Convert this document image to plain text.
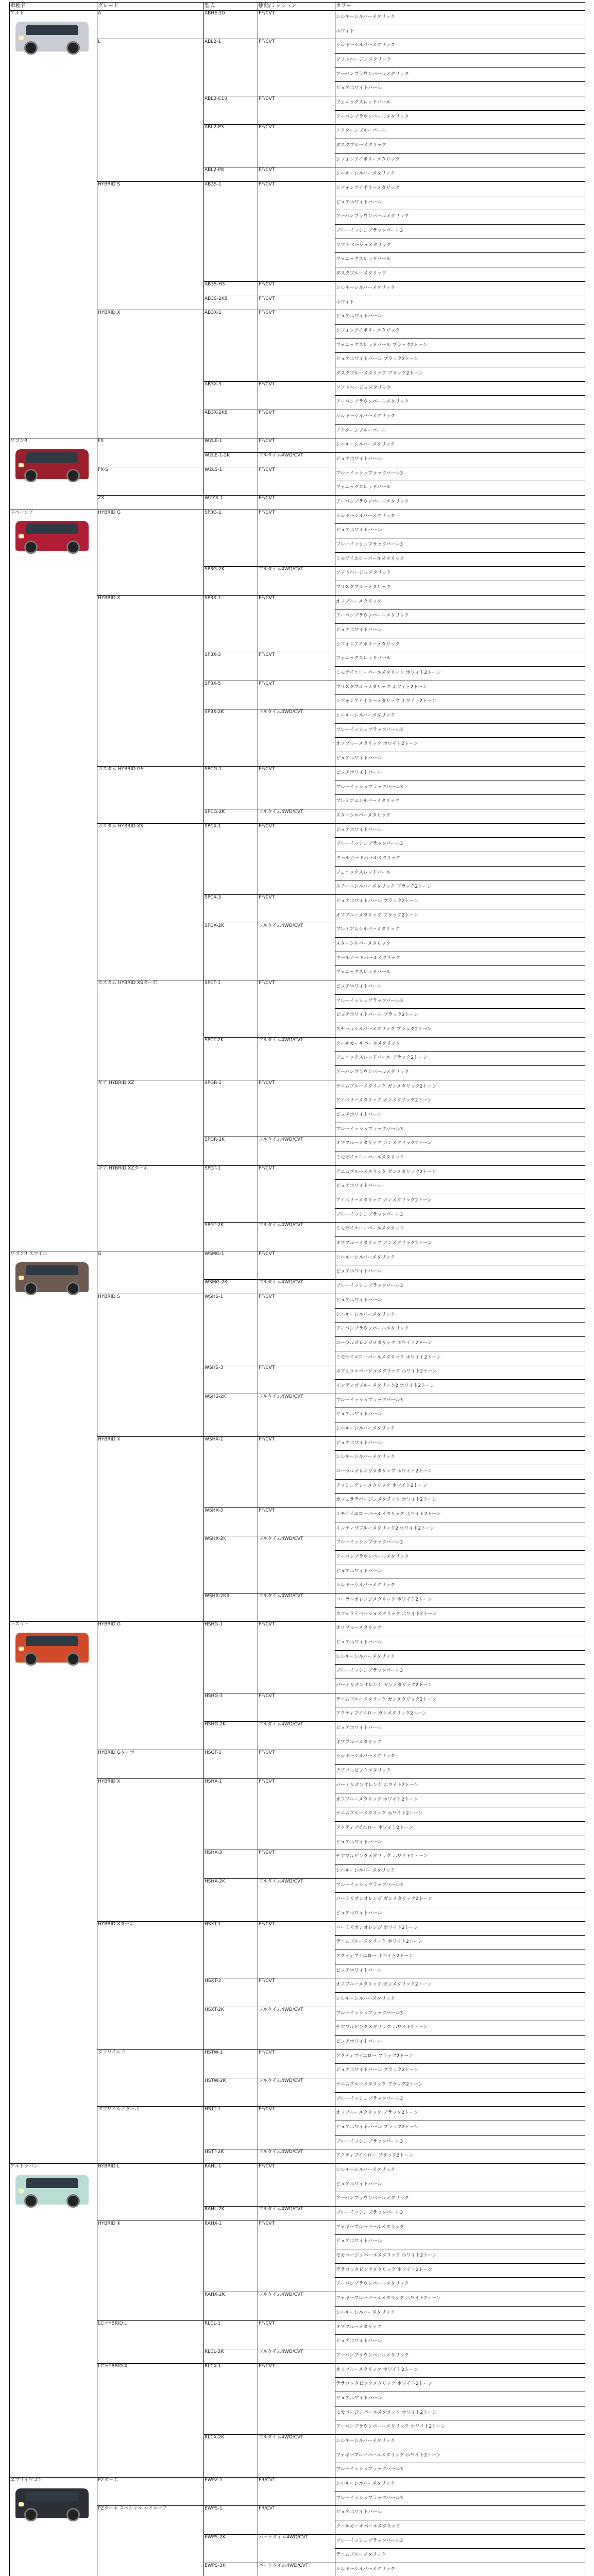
車種名	グレード	型式	駆動/ミッション	カラー
アルト	A	ABHE-10	FF/CVT
シルキーシルバーメタリック
ホワイト
L	ABL2-1	FF/CVT
シルキーシルバーメタリック
ソフトベージュメタリック
アーバンブラウンパールメタリック
ピュアホワイトパール
ABL2-C10	FF/CVT
フェニックスレッドパール
アーバンブラウンパールメタリック
ABL2-P3	FF/CVT
ノクターンブルーパール
ダスクブルーメタリック
シフォンアイボリーメタリック
ABL2-P8	FF/CVT
シルキーシルバーメタリック
HYBRID S	AB3S-1	FF/CVT
シフォンアイボリーメタリック
ピュアホワイトパール
アーバンブラウンパールメタリック
ブルーイッシュブラックパール3
ソフトベージュメタリック
フェニックスレッドパール
ダスクブルーメタリック
AB3S-H3	FF/CVT
シルキーシルバーメタリック
AB3S-2K8	FF/CVT
ホワイト
HYBRID X	AB3X-1	FF/CVT
ピュアホワイトパール
シフォンアイボリーメタリック
フェニックスレッドパール ブラック2トーン
ピュアホワイトパール ブラック2トーン
ダスクブルーメタリック ブラック2トーン
AB3X-3	FF/CVT
ソフトベージュメタリック
アーバンブラウンパールメタリック
AB3X-2K8	FF/CVT
シルキーシルバーメタリック
ノクターンブルーパール
ワゴンR	FX	W2LE-1	FF/CVT
シルキーシルバーメタリック
W2LE-1-2K	フルタイム4WD/CVT
ピュアホワイトパール
FX-S	W2LS-1	FF/CVT
ブルーイッシュブラックパール3
フェニックスレッドパール
ZX	W2ZX-1	FF/CVT
アーバンブラウンパールメタリック
スペーシア	HYBRID G	SP3G-1	FF/CVT
シルキーシルバーメタリック
ピュアホワイトパール
ブルーイッシュブラックパール3
ミモザイエローパールメタリック
SP3G-2K	フルタイム4WD/CVT
ソフトベージュメタリック
ブリスクブルーメタリック
HYBRID X	SP3X-1	FF/CVT
オフブルーメタリック
アーバンブラウンパールメタリック
ピュアホワイトパール
シフォンアイボリーメタリック
SP3X-3	FF/CVT
フェニックスレッドパール
ミモザイエローパールメタリック ホワイト2トーン
SP3X-5	FF/CVT
ブリスクブルーメタリック ホワイト2トーン
シフォンアイボリーメタリック ホワイト2トーン
SP3X-2K	フルタイム4WD/CVT
シルキーシルバーメタリック
ブルーイッシュブラックパール3
オフブルーメタリック ホワイト2トーン
ピュアホワイトパール
カスタム HYBRID GS	SPCG-1	FF/CVT
ピュアホワイトパール
ブルーイッシュブラックパール3
プレミアムシルバーメタリック
SPCG-2K	フルタイム4WD/CVT
スターシルバーメタリック
カスタム HYBRID XS	SPCX-1	FF/CVT
ピュアホワイトパール
ブルーイッシュブラックパール3
クールカーキパールメタリック
フェニックスレッドパール
スチールシルバーメタリック ブラック2トーン
SPCX-3	FF/CVT
ピュアホワイトパール ブラック2トーン
オフブルーメタリック ブラック2トーン
SPCX-2K	フルタイム4WD/CVT
プレミアムシルバーメタリック
スターシルバーメタリック
クールカーキパールメタリック
フェニックスレッドパール
カスタム HYBRID XSターボ	SPCT-1	FF/CVT
ピュアホワイトパール
ブルーイッシュブラックパール3
ピュアホワイトパール ブラック2トーン
スチールシルバーメタリック ブラック2トーン
SPCT-2K	フルタイム4WD/CVT
クールカーキパールメタリック
フェニックスレッドパール ブラック2トーン
アーバンブラウンパールメタリック
ギア HYBRID XZ	SPGR-1	FF/CVT
デニムブルーメタリック ガンメタリック2トーン
アイボリーメタリック ガンメタリック2トーン
ピュアホワイトパール
ブルーイッシュブラックパール3
SPGR-2K	フルタイム4WD/CVT
オフブルーメタリック ガンメタリック2トーン
ミモザイエローパールメタリック
ギア HYBRID XZターボ	SPGT-1	FF/CVT
デニムブルーメタリック ガンメタリック2トーン
ピュアホワイトパール
アイボリーメタリック ガンメタリック2トーン
ブルーイッシュブラックパール3
SPGT-2K	フルタイム4WD/CVT
ミモザイエローパールメタリック
オフブルーメタリック ガンメタリック2トーン
ワゴンR スマイル	G	WSMG-1	FF/CVT
シルキーシルバーメタリック
ピュアホワイトパール
WSMG-2K	フルタイム4WD/CVT
ブルーイッシュブラックパール3
HYBRID S	WSHS-1	FF/CVT
ピュアホワイトパール
シルキーシルバーメタリック
アーバンブラウンパールメタリック
コーラルオレンジメタリック ホワイト2トーン
ミモザイエローパールメタリック ホワイト2トーン
WSHS-3	FF/CVT
カフェラテベージュメタリック ホワイト2トーン
インディゴブルーメタリック2 ホワイト2トーン
WSHS-2K	フルタイム4WD/CVT
ブルーイッシュブラックパール3
ピュアホワイトパール
シルキーシルバーメタリック
HYBRID X	WSHX-1	FF/CVT
ピュアホワイトパール
シルキーシルバーメタリック
コーラルオレンジメタリック ホワイト2トーン
アッシュグレーメタリック ホワイト2トーン
カフェラテベージュメタリック ホワイト2トーン
WSHX-3	FF/CVT
ミモザイエローパールメタリック ホワイト2トーン
インディゴブルーメタリック2 ホワイト2トーン
WSHX-2K	フルタイム4WD/CVT
ブルーイッシュブラックパール3
アーバンブラウンパールメタリック
ピュアホワイトパール
シルキーシルバーメタリック
WSHX-2K3	フルタイム4WD/CVT
コーラルオレンジメタリック ホワイト2トーン
カフェラテベージュメタリック ホワイト2トーン
ハスラー	HYBRID G	HSHG-1	FF/CVT
オフブルーメタリック
ピュアホワイトパール
シルキーシルバーメタリック
ブルーイッシュブラックパール3
バーミリオンオレンジ ガンメタリック2トーン
HSHG-3	FF/CVT
デニムブルーメタリック ガンメタリック2トーン
アクティブイエロー ガンメタリック2トーン
HSHG-2K	フルタイム4WD/CVT
ピュアホワイトパール
オフブルーメタリック
HYBRID Gターボ	HSGT-1	FF/CVT
シルキーシルバーメタリック
チアフルピンクメタリック
HYBRID X	HSHX-1	FF/CVT
バーミリオンオレンジ ホワイト2トーン
オフブルーメタリック ホワイト2トーン
デニムブルーメタリック ホワイト2トーン
アクティブイエロー ホワイト2トーン
ピュアホワイトパール
HSHX-3	FF/CVT
チアフルピンクメタリック ホワイト2トーン
シルキーシルバーメタリック
HSHX-2K	フルタイム4WD/CVT
ブルーイッシュブラックパール3
バーミリオンオレンジ ガンメタリック2トーン
ピュアホワイトパール
HYBRID Xターボ	HSXT-1	FF/CVT
バーミリオンオレンジ ホワイト2トーン
デニムブルーメタリック ホワイト2トーン
アクティブイエロー ホワイト2トーン
ピュアホワイトパール
HSXT-3	FF/CVT
オフブルーメタリック ガンメタリック2トーン
シルキーシルバーメタリック
HSXT-2K	フルタイム4WD/CVT
ブルーイッシュブラックパール3
チアフルピンクメタリック ホワイト2トーン
ピュアホワイトパール
タフワイルド	HSTW-1	FF/CVT
アクティブイエロー ブラック2トーン
ピュアホワイトパール ブラック2トーン
HSTW-2K	フルタイム4WD/CVT
デニムブルーメタリック ブラック2トーン
ブルーイッシュブラックパール3
タフワイルドターボ	HSTT-1	FF/CVT
オフブルーメタリック ブラック2トーン
ピュアホワイトパール ブラック2トーン
ブルーイッシュブラックパール3
HSTT-2K	フルタイム4WD/CVT
アクティブイエロー ブラック2トーン
アルトラパン	HYBRID L	RAHL-1	FF/CVT
シルキーシルバーメタリック
ピュアホワイトパール
アーバンブラウンパールメタリック
RAHL-2K	フルタイム4WD/CVT
ブルーイッシュブラックパール3
HYBRID X	RAHX-1	FF/CVT
フォギーブルーパールメタリック
ピュアホワイトパール
モカベージュパールメタリック ホワイト2トーン
テラコッタピンクメタリック ホワイト2トーン
アーバンブラウンパールメタリック
RAHX-2K	フルタイム4WD/CVT
フォギーブルーパールメタリック ホワイト2トーン
シルキーシルバーメタリック
LC HYBRID L	RLCL-1	FF/CVT
オフブルーメタリック
ピュアホワイトパール
RLCL-2K	フルタイム4WD/CVT
アーバンブラウンパールメタリック
LC HYBRID X	RLCX-1	FF/CVT
オフブルーメタリック ホワイト2トーン
テラコッタピンクメタリック ホワイト2トーン
ピュアホワイトパール
モカベージュパールメタリック ホワイト2トーン
アーバンブラウンパールメタリック ホワイト2トーン
RLCX-2K	フルタイム4WD/CVT
シルキーシルバーメタリック
フォギーブルーパールメタリック ホワイト2トーン
ブルーイッシュブラックパール3
エブリイワゴン	PZターボ	EWPZ-1	FR/CVT
シルキーシルバーメタリック
ブルーイッシュブラックパール3
PZターボ スペシャル ハイルーフ	EWPS-1	FR/CVT
ピュアホワイトパール
クールカーキパールメタリック
EWPS-2K	パートタイム4WD/CVT
ブルーイッシュブラックパール3
デニムブルーメタリック
EWPS-3K	パートタイム4WD/CVT
シルキーシルバーメタリック
